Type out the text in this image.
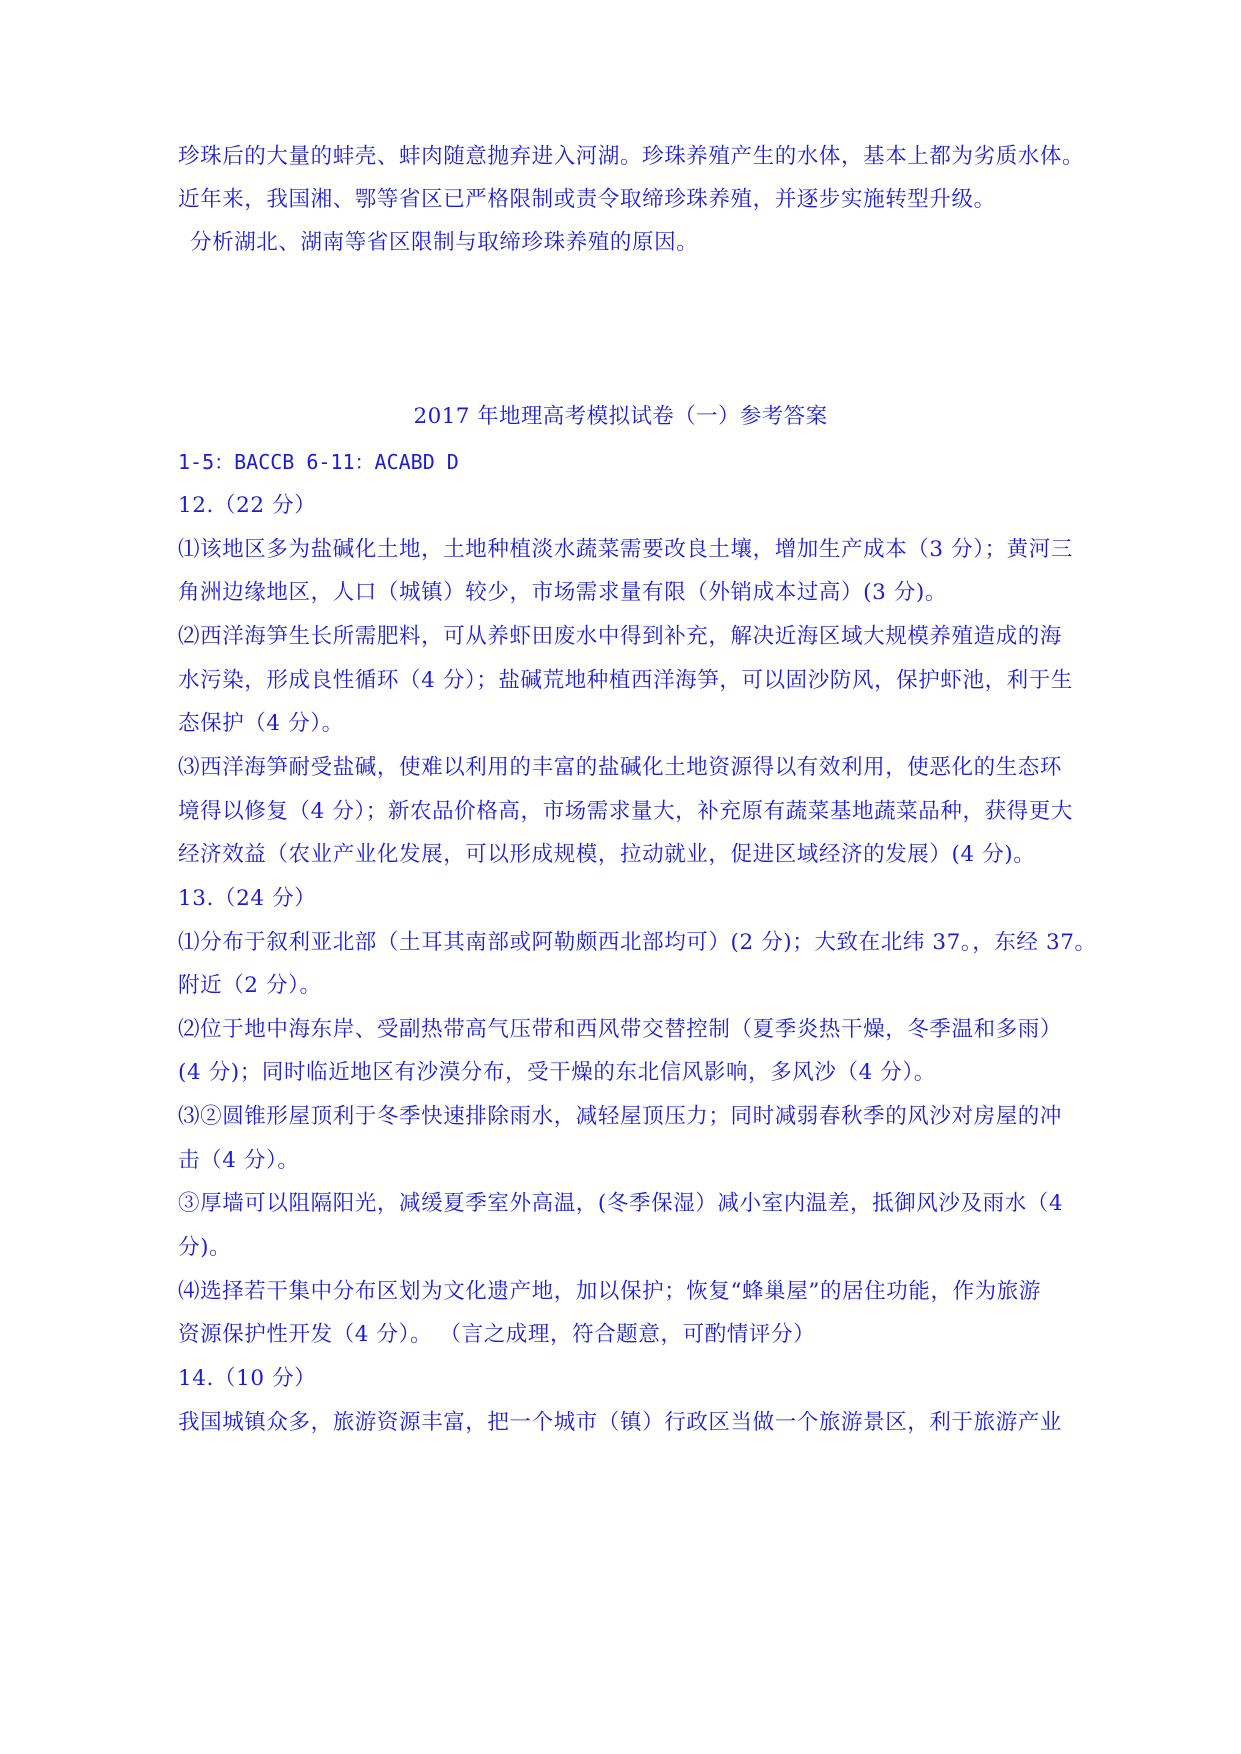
珍珠后的大量的蚌壳、蚌肉随意抛弃进入河湖。珍珠养殖产生的水体，基本上都为劣质水体。
近年来，我国湘、鄂等省区已严格限制或责令取缔珍珠养殖，并逐步实施转型升级。
分析湖北、湖南等省区限制与取缔珍珠养殖的原因。
2017 年地理高考模拟试卷（一）参考答案
1-5：BACCB 6-11：ACABD D
12.（22 分）
⑴该地区多为盐碱化土地，土地种植淡水蔬菜需要改良土壤，增加生产成本（3 分）；黄河三
角洲边缘地区，人口（城镇）较少，市场需求量有限（外销成本过高）(3 分)。
⑵西洋海笋生长所需肥料，可从养虾田废水中得到补充，解决近海区域大规模养殖造成的海
水污染，形成良性循环（4 分）；盐碱荒地种植西洋海笋，可以固沙防风，保护虾池，利于生
态保护（4 分）。
⑶西洋海笋耐受盐碱，使难以利用的丰富的盐碱化土地资源得以有效利用，使恶化的生态环
境得以修复（4 分）；新农品价格高，市场需求量大，补充原有蔬菜基地蔬菜品种，获得更大
经济效益（农业产业化发展，可以形成规模，拉动就业，促进区域经济的发展）(4 分)。
13.（24 分）
⑴分布于叙利亚北部（土耳其南部或阿勒颇西北部均可）(2 分)；大致在北纬 37。，东经 37。
附近（2 分）。
⑵位于地中海东岸、受副热带高气压带和西风带交替控制（夏季炎热干燥，冬季温和多雨）
(4 分)；同时临近地区有沙漠分布，受干燥的东北信风影响，多风沙（4 分）。
⑶②圆锥形屋顶利于冬季快速排除雨水，减轻屋顶压力；同时减弱春秋季的风沙对房屋的冲
击（4 分）。
③厚墙可以阻隔阳光，减缓夏季室外高温，(冬季保湿）减小室内温差，抵御风沙及雨水（4
分)。
⑷选择若干集中分布区划为文化遗产地，加以保护；恢复“蜂巢屋”的居住功能，作为旅游
资源保护性开发（4 分）。 （言之成理，符合题意，可酌情评分）
14.（10 分）
我国城镇众多，旅游资源丰富，把一个城市（镇）行政区当做一个旅游景区，利于旅游产业
